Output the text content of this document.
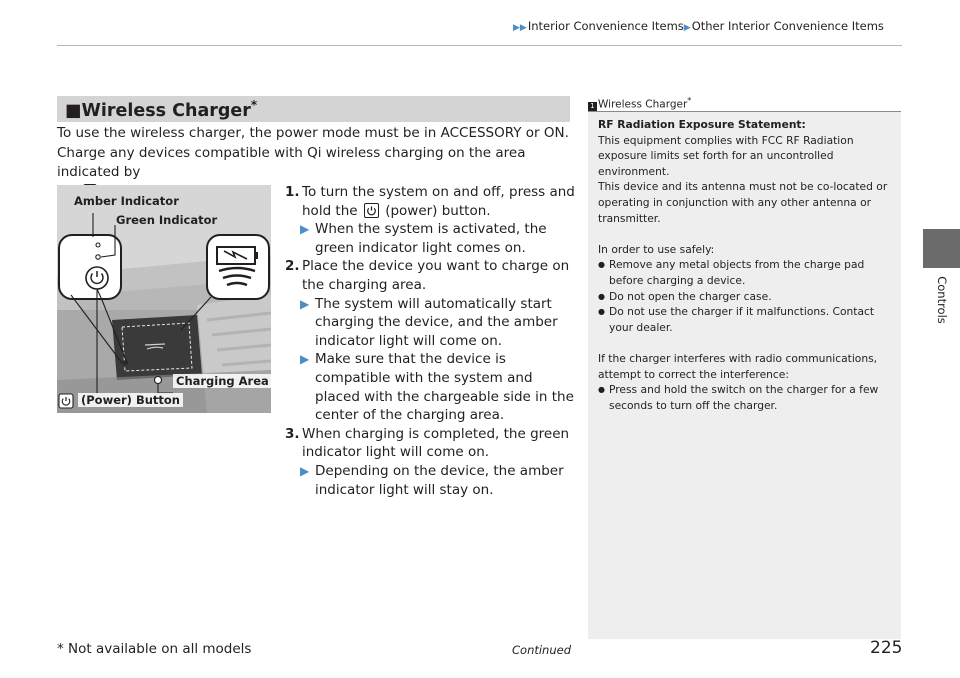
▶▶Interior Convenience Items▶Other Interior Convenience Items
Controls
■Wireless Charger*
To use the wireless charger, the power mode must be in ACCESSORY or ON.
Charge any devices compatible with Qi wireless charging on the area indicated by
Amber Indicator
Green Indicator
Charging Area
(Power) Button
1. To turn the system on and off, press and hold the (power) button.
▶ When the system is activated, the green indicator light comes on.
2. Place the device you want to charge on the charging area.
▶ The system will automatically start charging the device, and the amber indicator light will come on.
▶ Make sure that the device is compatible with the system and placed with the chargeable side in the center of the charging area.
3. When charging is completed, the green indicator light will come on.
▶ Depending on the device, the amber indicator light will stay on.
1 Wireless Charger*

RF Radiation Exposure Statement:

This equipment complies with FCC RF Radiation exposure limits set forth for an uncontrolled environment.

This device and its antenna must not be co-located or operating in conjunction with any other antenna or transmitter.

In order to use safely:

● Remove any metal objects from the charge pad before charging a device.

● Do not open the charger case.

● Do not use the charger if it malfunctions. Contact your dealer.

If the charger interferes with radio communications, attempt to correct the interference:

● Press and hold the switch on the charger for a few seconds to turn off the charger.

* Not available on all models	Continued	225
